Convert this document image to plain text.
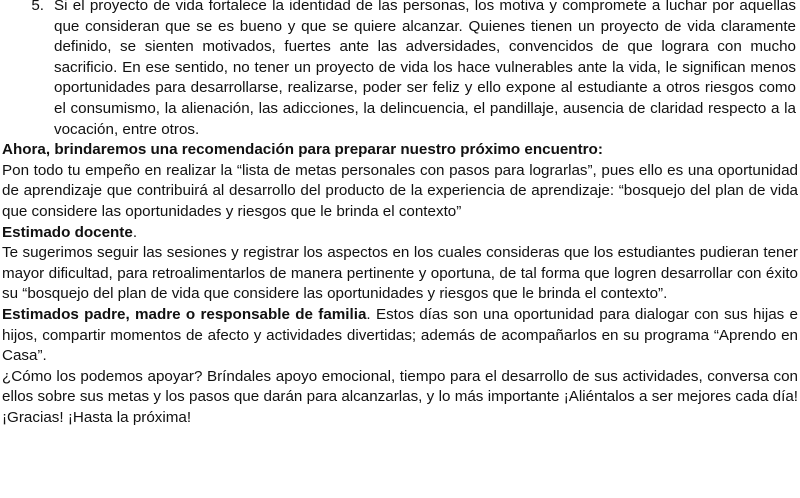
5. Si el proyecto de vida fortalece la identidad de las personas, los motiva y compromete a luchar por aquellas que consideran que se es bueno y que se quiere alcanzar. Quienes tienen un proyecto de vida claramente definido, se sienten motivados, fuertes ante las adversidades, convencidos de que lograra con mucho sacrificio. En ese sentido, no tener un proyecto de vida los hace vulnerables ante la vida, le significan menos oportunidades para desarrollarse, realizarse, poder ser feliz y ello expone al estudiante a otros riesgos como el consumismo, la alienación, las adicciones, la delincuencia, el pandillaje, ausencia de claridad respecto a la vocación, entre otros.

Ahora, brindaremos una recomendación para preparar nuestro próximo encuentro:

Pon todo tu empeño en realizar la “lista de metas personales con pasos para lograrlas”, pues ello es una oportunidad de aprendizaje que contribuirá al desarrollo del producto de la experiencia de aprendizaje: “bosquejo del plan de vida que considere las oportunidades y riesgos que le brinda el contexto”

Estimado docente.

Te sugerimos seguir las sesiones y registrar los aspectos en los cuales consideras que los estudiantes pudieran tener mayor dificultad, para retroalimentarlos de manera pertinente y oportuna, de tal forma que logren desarrollar con éxito su “bosquejo del plan de vida que considere las oportunidades y riesgos que le brinda el contexto”.

Estimados padre, madre o responsable de familia. Estos días son una oportunidad para dialogar con sus hijas e hijos, compartir momentos de afecto y actividades divertidas; además de acompañarlos en su programa “Aprendo en Casa”.

¿Cómo los podemos apoyar? Bríndales apoyo emocional, tiempo para el desarrollo de sus actividades, conversa con ellos sobre sus metas y los pasos que darán para alcanzarlas, y lo más importante ¡Aliéntalos a ser mejores cada día! ¡Gracias! ¡Hasta la próxima!
